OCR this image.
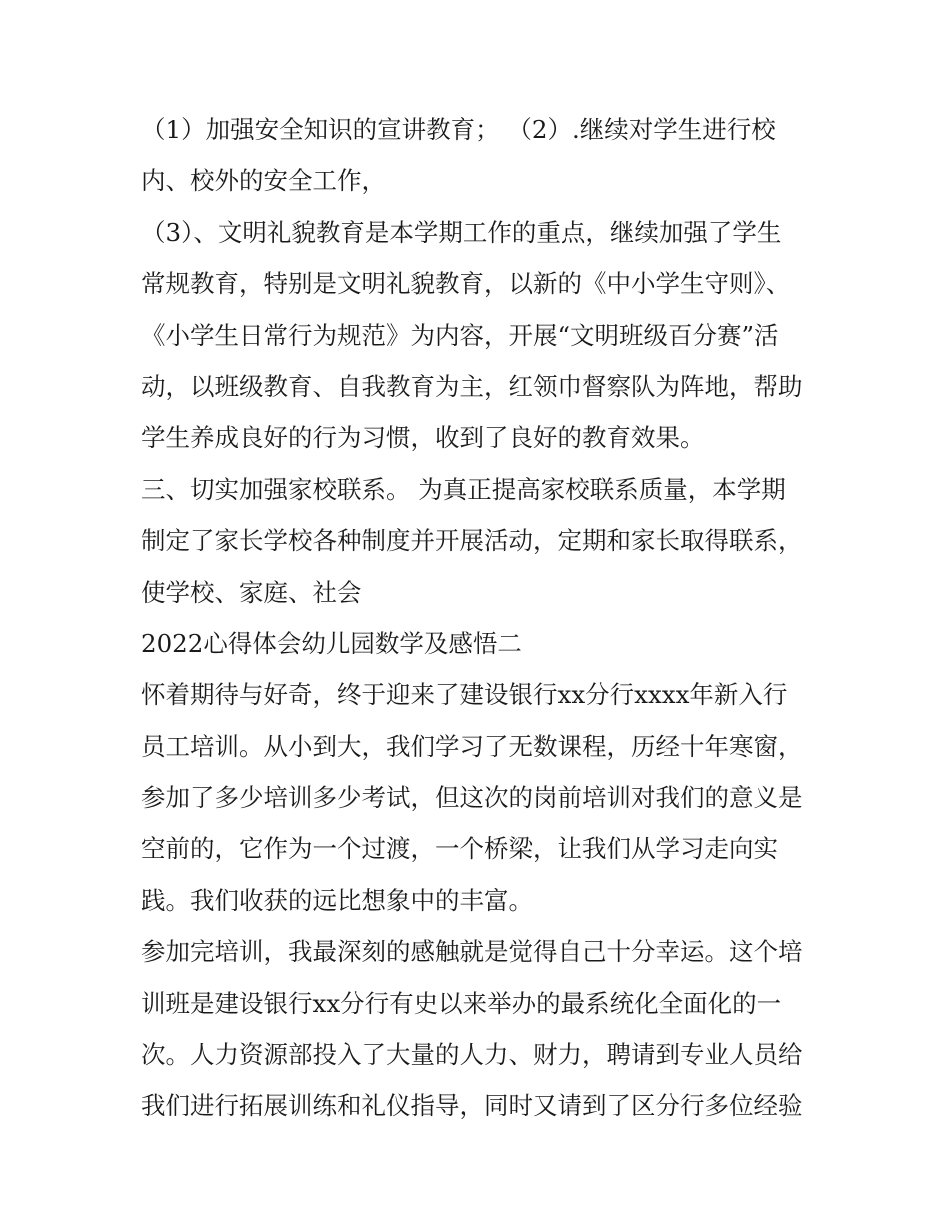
（1）加强安全知识的宣讲教育； （2）.继续对学生进行校
内、校外的安全工作，
（3）、文明礼貌教育是本学期工作的重点，继续加强了学生
常规教育，特别是文明礼貌教育，以新的《中小学生守则》、
《小学生日常行为规范》为内容，开展“文明班级百分赛”活
动，以班级教育、自我教育为主，红领巾督察队为阵地，帮助
学生养成良好的行为习惯，收到了良好的教育效果。
三、切实加强家校联系。 为真正提高家校联系质量，本学期
制定了家长学校各种制度并开展活动，定期和家长取得联系，
使学校、家庭、社会
2022心得体会幼儿园数学及感悟二
怀着期待与好奇，终于迎来了建设银行xx分行xxxx年新入行
员工培训。从小到大，我们学习了无数课程，历经十年寒窗，
参加了多少培训多少考试，但这次的岗前培训对我们的意义是
空前的，它作为一个过渡，一个桥梁，让我们从学习走向实
践。我们收获的远比想象中的丰富。
参加完培训，我最深刻的感触就是觉得自己十分幸运。这个培
训班是建设银行xx分行有史以来举办的最系统化全面化的一
次。人力资源部投入了大量的人力、财力，聘请到专业人员给
我们进行拓展训练和礼仪指导，同时又请到了区分行多位经验
